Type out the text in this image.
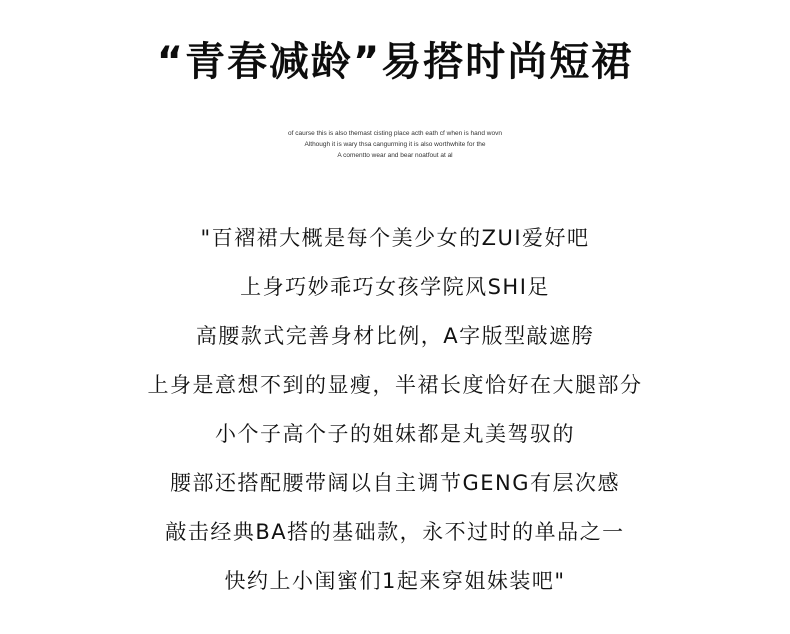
“青春减龄”易搭时尚短裙
of caurse this is also themast cisting place acth eath cf when is hand wovn
Although it is wary thsa cangurming it is also worthwhite for the
A comentto wear and bear noatfout at al
"百褶裙大概是每个美少女的ZUI爱好吧
上身巧妙乖巧女孩学院风SHI足
高腰款式完善身材比例，A字版型敲遮胯
上身是意想不到的显瘦，半裙长度恰好在大腿部分
小个子高个子的姐妹都是丸美驾驭的
腰部还搭配腰带阔以自主调节GENG有层次感
敲击经典BA搭的基础款，永不过时的单品之一
快约上小闺蜜们1起来穿姐妹装吧"
